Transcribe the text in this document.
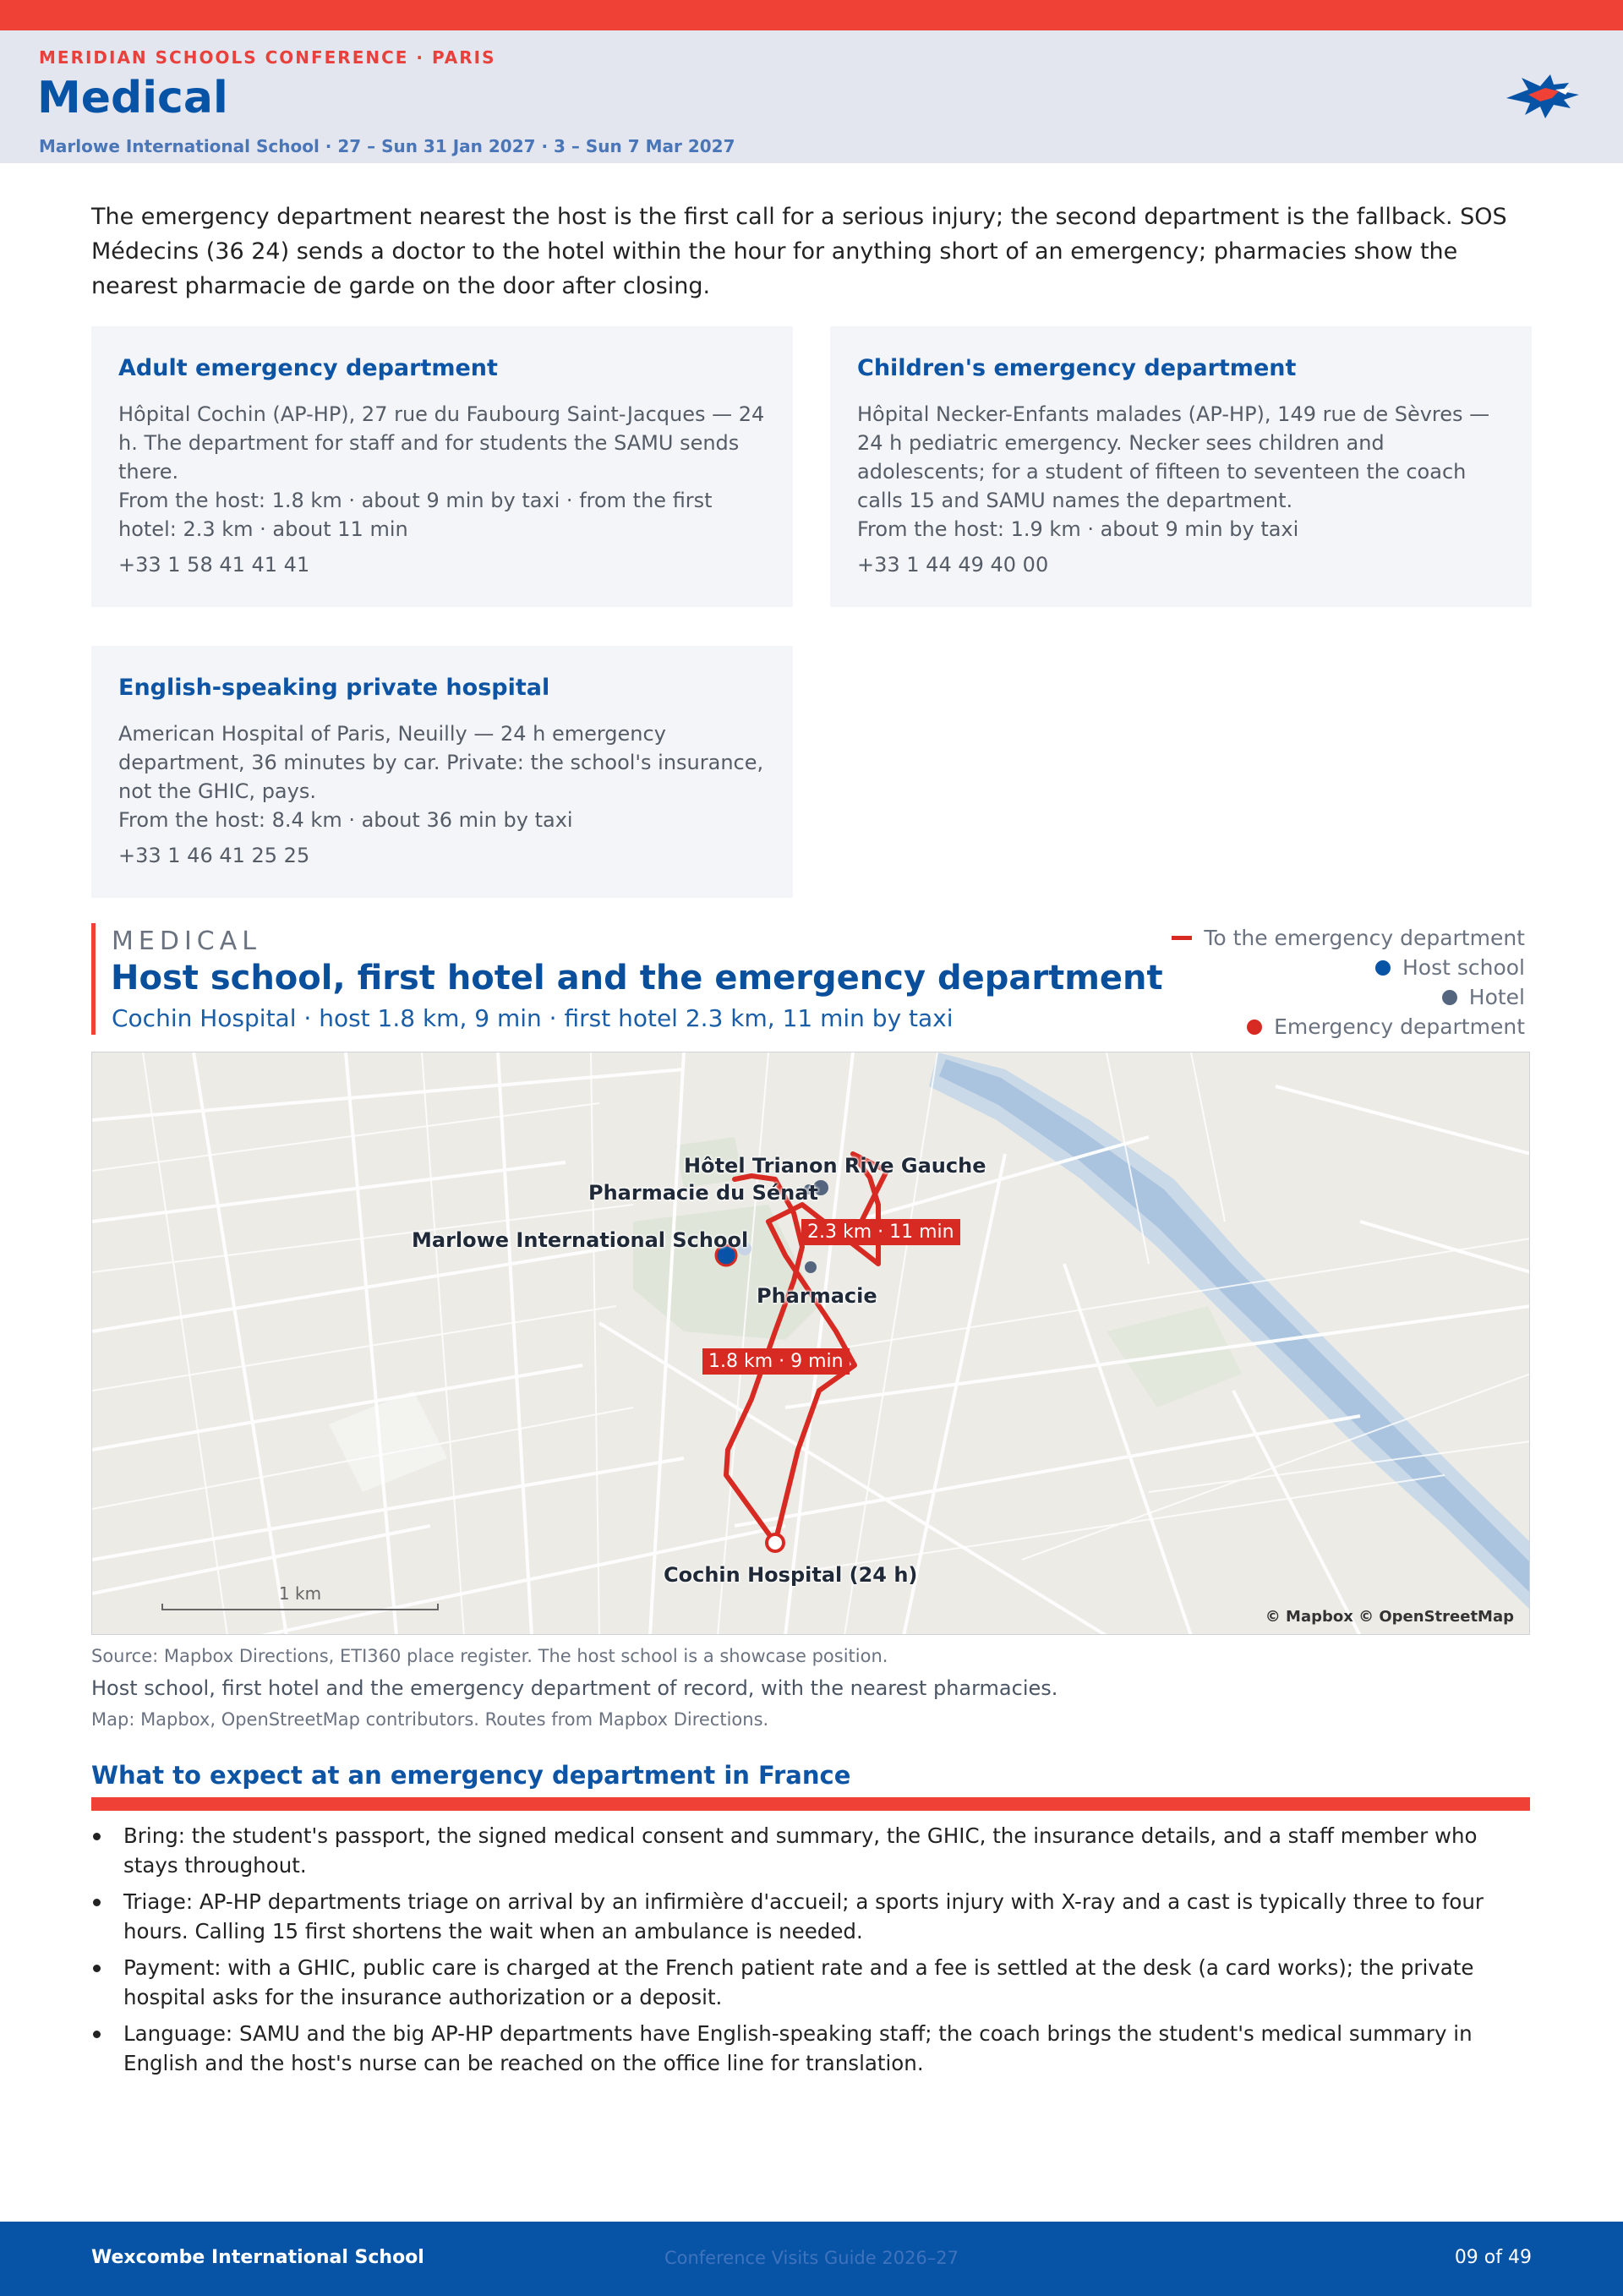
MERIDIAN SCHOOLS CONFERENCE · PARIS
Medical
Marlowe International School · 27 – Sun 31 Jan 2027 · 3 – Sun 7 Mar 2027

The emergency department nearest the host is the first call for a serious injury; the second department is the fallback. SOS Médecins (36 24) sends a doctor to the hotel within the hour for anything short of an emergency; pharmacies show the nearest pharmacie de garde on the door after closing.

Adult emergency department
Hôpital Cochin (AP-HP), 27 rue du Faubourg Saint-Jacques — 24 h. The department for staff and for students the SAMU sends there.
From the host: 1.8 km · about 9 min by taxi · from the first hotel: 2.3 km · about 11 min
+33 1 58 41 41 41
Children's emergency department
Hôpital Necker-Enfants malades (AP-HP), 149 rue de Sèvres — 24 h pediatric emergency. Necker sees children and adolescents; for a student of fifteen to seventeen the coach calls 15 and SAMU names the department.
From the host: 1.9 km · about 9 min by taxi
+33 1 44 49 40 00
English-speaking private hospital
American Hospital of Paris, Neuilly — 24 h emergency department, 36 minutes by car. Private: the school's insurance, not the GHIC, pays.
From the host: 8.4 km · about 36 min by taxi
+33 1 46 41 25 25
MEDICAL
Host school, first hotel and the emergency department
Cochin Hospital · host 1.8 km, 9 min · first hotel 2.3 km, 11 min by taxi
To the emergency department
Host school
Hotel
Emergency department
Hôtel Trianon Rive Gauche
Pharmacie du Sénat
Marlowe International School
Pharmacie
Cochin Hospital (24 h)
2.3 km · 11 min
1.8 km · 9 min
1 km
© Mapbox © OpenStreetMap
Source: Mapbox Directions, ETI360 place register. The host school is a showcase position.
Host school, first hotel and the emergency department of record, with the nearest pharmacies.
Map: Mapbox, OpenStreetMap contributors. Routes from Mapbox Directions.
What to expect at an emergency department in France
Bring: the student's passport, the signed medical consent and summary, the GHIC, the insurance details, and a staff member who stays throughout.
Triage: AP-HP departments triage on arrival by an infirmière d'accueil; a sports injury with X-ray and a cast is typically three to four hours. Calling 15 first shortens the wait when an ambulance is needed.
Payment: with a GHIC, public care is charged at the French patient rate and a fee is settled at the desk (a card works); the private hospital asks for the insurance authorization or a deposit.
Language: SAMU and the big AP-HP departments have English-speaking staff; the coach brings the student's medical summary in English and the host's nurse can be reached on the office line for translation.
Wexcombe International School	Conference Visits Guide 2026–27	09 of 49
